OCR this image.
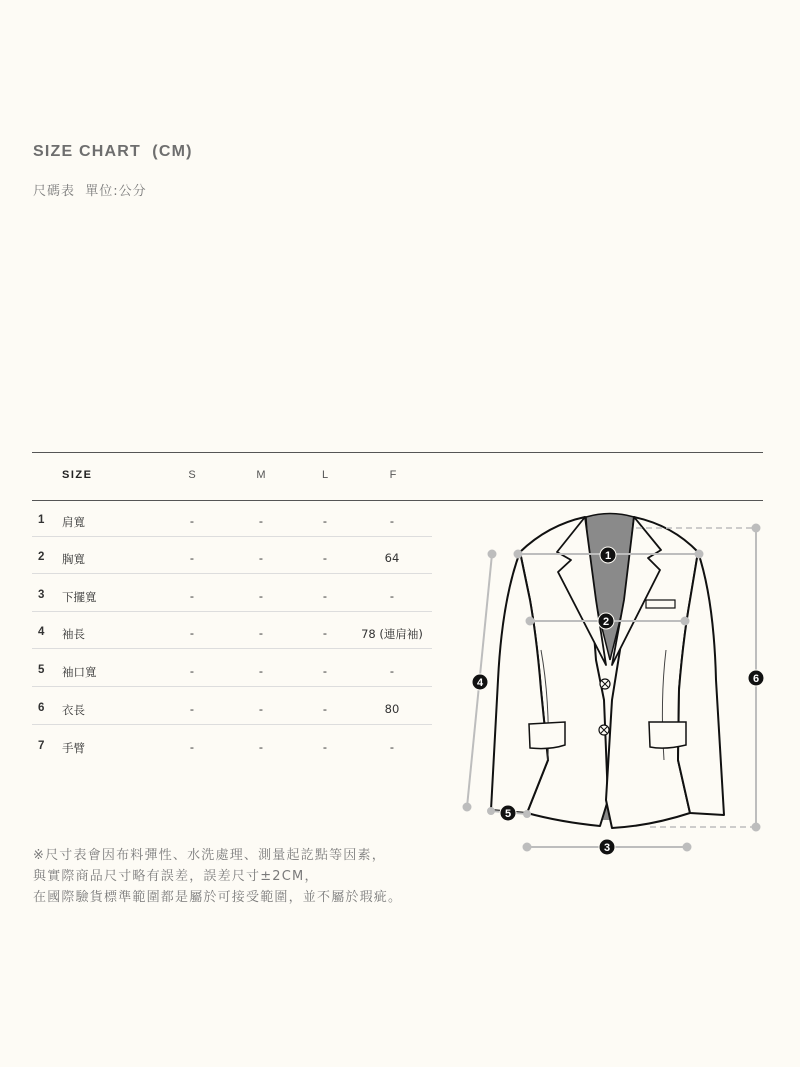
SIZE CHART  (CM)
尺碼表  單位:公分
SIZE	S	M	L	F
1 肩寬	-	-	-	-
2 胸寬	-	-	-	64
3 下擺寬	-	-	-	-
4 袖長	-	-	-	78 (連肩袖)
5 袖口寬	-	-	-	-
6 衣長	-	-	-	80
7 手臂	-	-	-	-
1
2
3
4
5
6
※尺寸表會因布料彈性、水洗處理、測量起訖點等因素，
與實際商品尺寸略有誤差，誤差尺寸±2CM，
在國際驗貨標準範圍都是屬於可接受範圍，並不屬於瑕疵。
